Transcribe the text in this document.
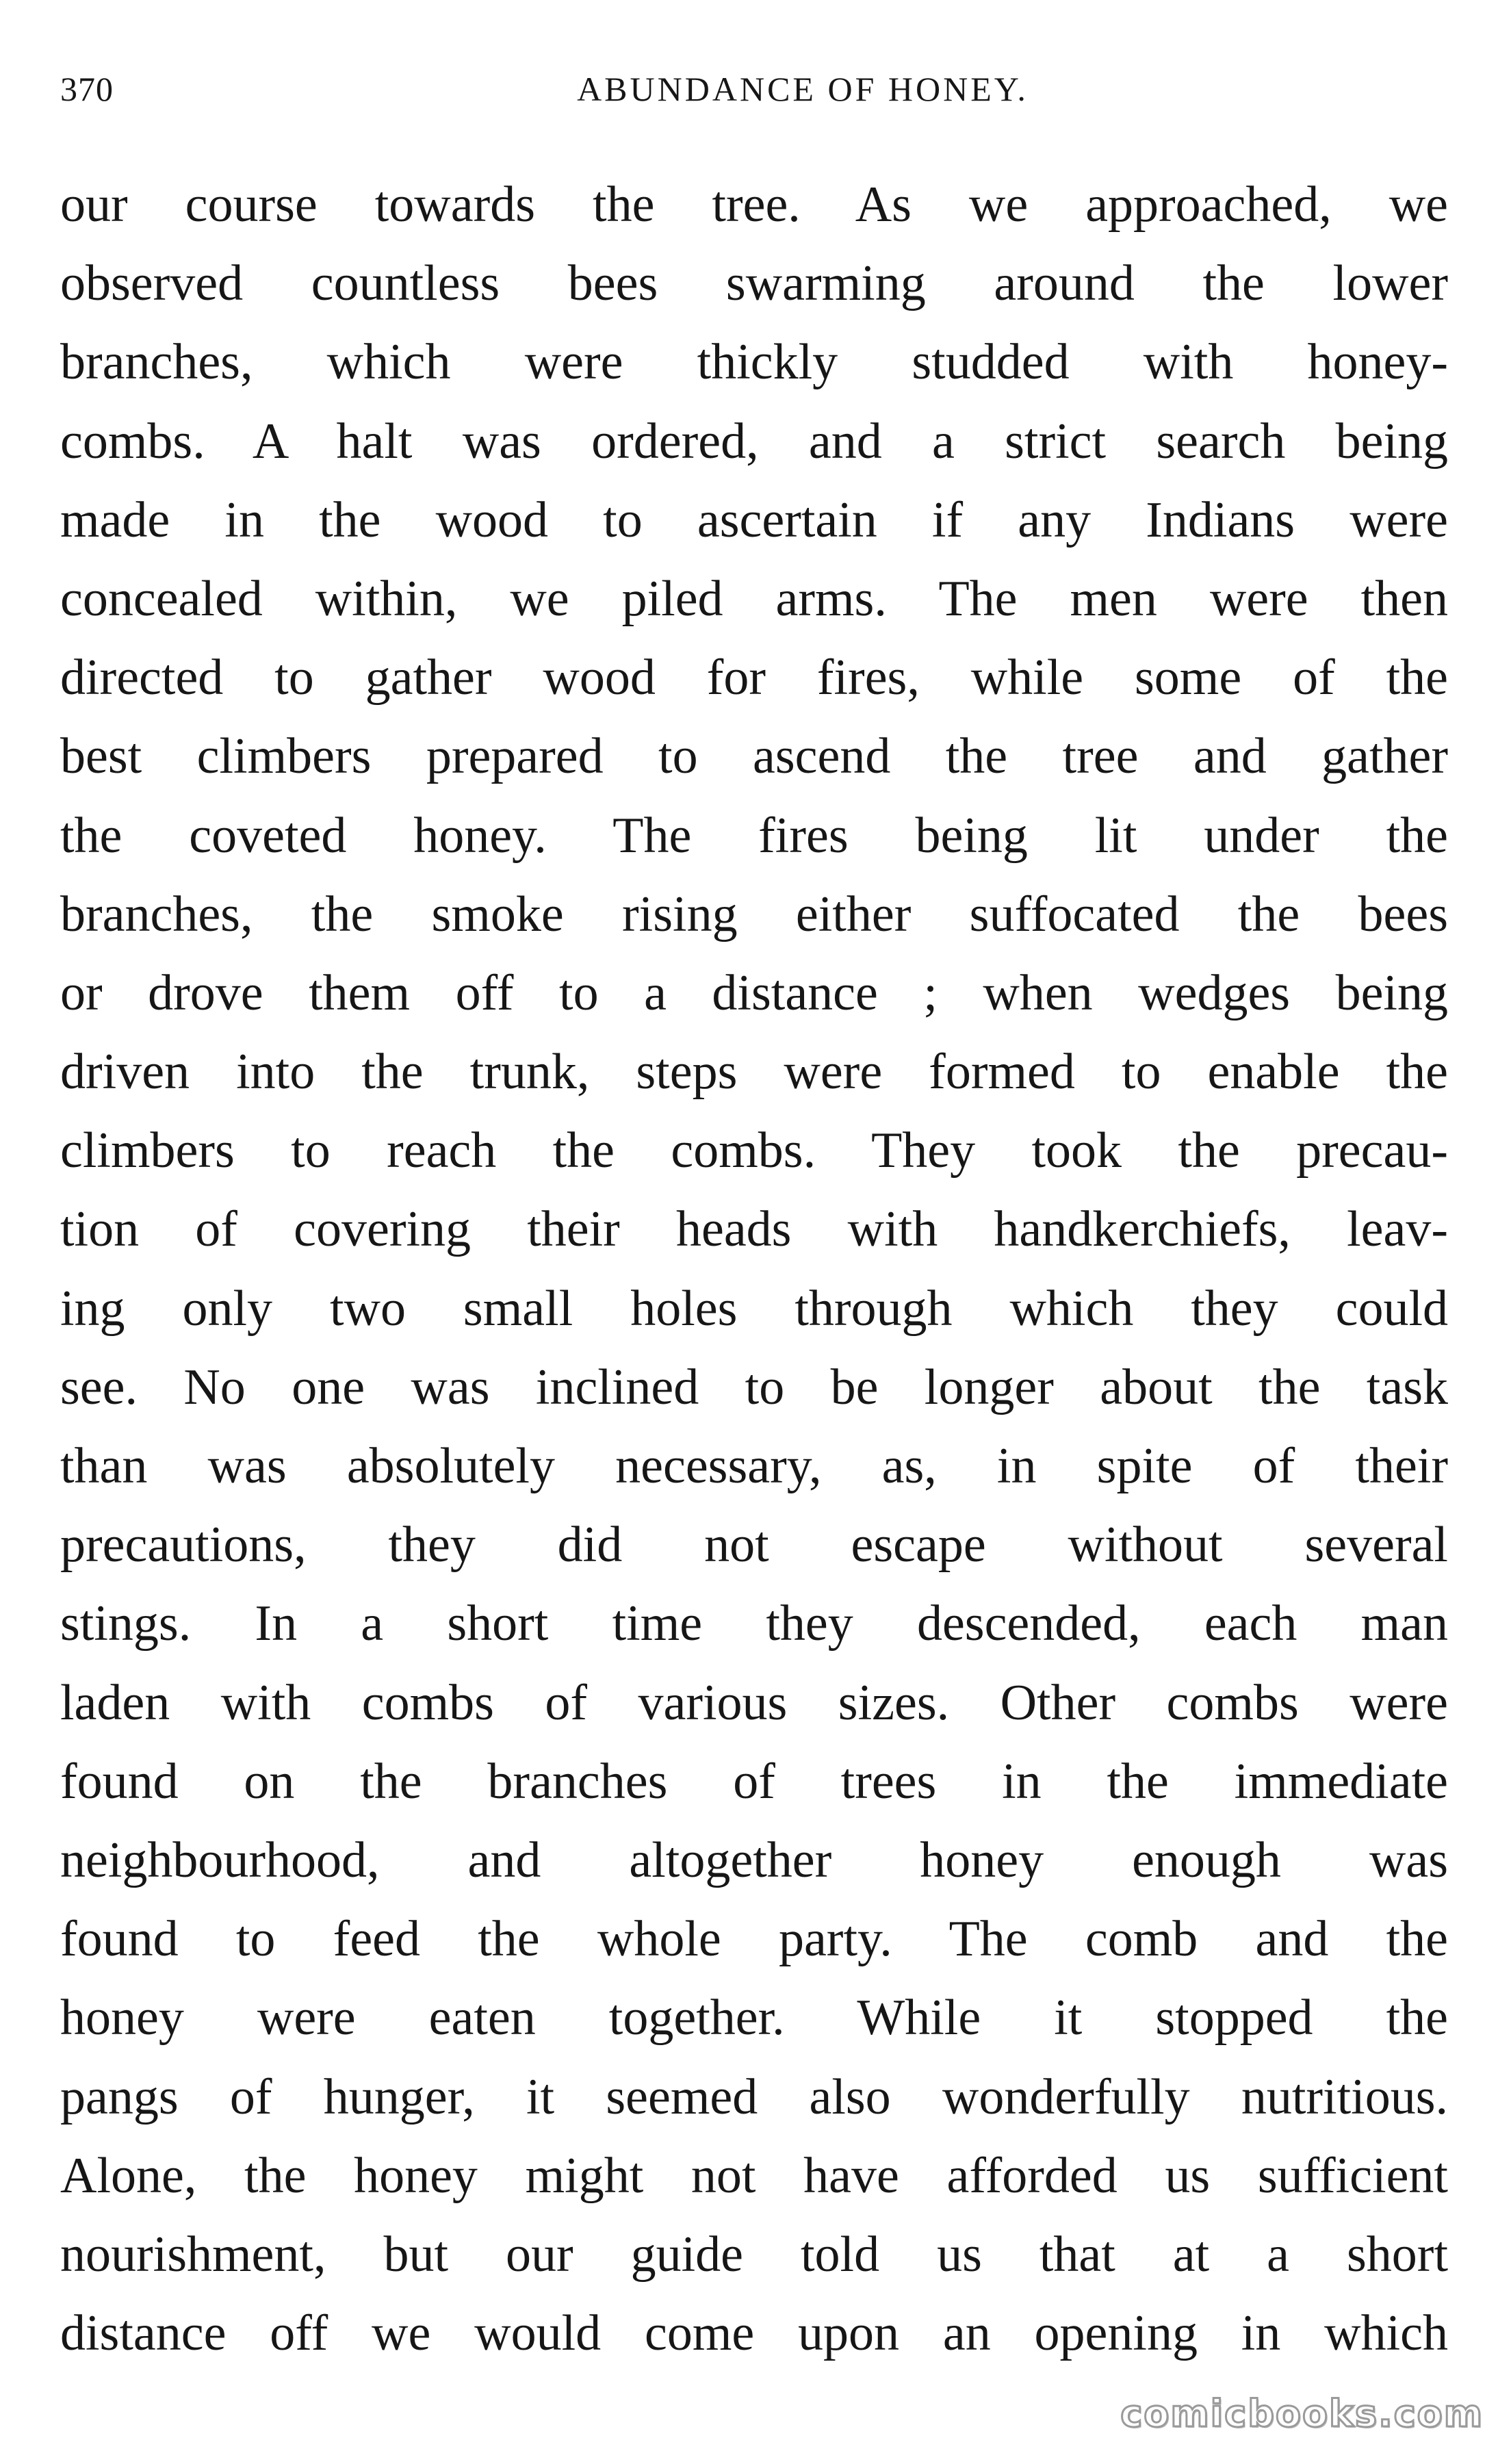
370	ABUNDANCE OF HONEY.
our course towards the tree. As we approached, we
observed countless bees swarming around the lower
branches, which were thickly studded with honey-
combs. A halt was ordered, and a strict search being
made in the wood to ascertain if any Indians were
concealed within, we piled arms. The men were then
directed to gather wood for fires, while some of the
best climbers prepared to ascend the tree and gather
the coveted honey. The fires being lit under the
branches, the smoke rising either suffocated the bees
or drove them off to a distance ; when wedges being
driven into the trunk, steps were formed to enable the
climbers to reach the combs. They took the precau-
tion of covering their heads with handkerchiefs, leav-
ing only two small holes through which they could
see. No one was inclined to be longer about the task
than was absolutely necessary, as, in spite of their
precautions, they did not escape without several
stings. In a short time they descended, each man
laden with combs of various sizes. Other combs were
found on the branches of trees in the immediate
neighbourhood, and altogether honey enough was
found to feed the whole party. The comb and the
honey were eaten together. While it stopped the
pangs of hunger, it seemed also wonderfully nutritious.
Alone, the honey might not have afforded us sufficient
nourishment, but our guide told us that at a short
distance off we would come upon an opening in which
comicbooks.com
